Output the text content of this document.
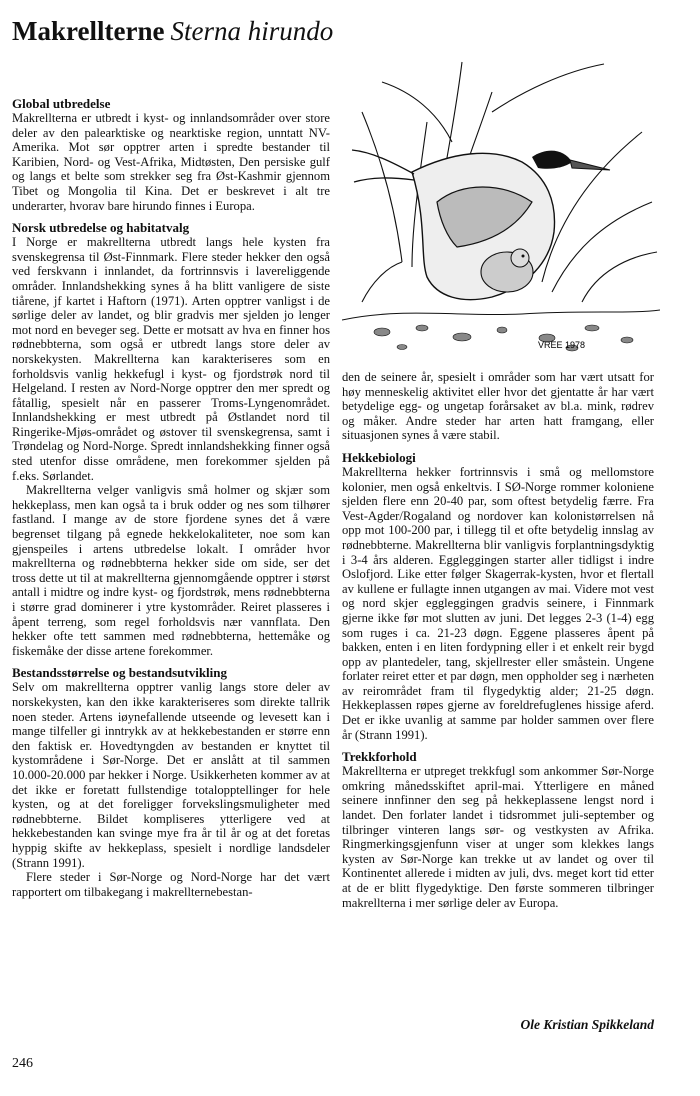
Makrellterne Sterna hirundo
VREE 1978
Global utbredelse

Makrellterna er utbredt i kyst- og innlandsområder over store deler av den palearktiske og nearktiske region, unntatt NV-Amerika. Mot sør opptrer arten i spredte bestander til Karibien, Nord- og Vest-Afrika, Midtøsten, Den persiske gulf og langs et belte som strekker seg fra Øst-Kashmir gjennom Tibet og Mongolia til Kina. Det er beskrevet i alt tre underarter, hvorav bare hirundo finnes i Europa.

Norsk utbredelse og habitatvalg

I Norge er makrellterna utbredt langs hele kysten fra svenskegrensa til Øst-Finnmark. Flere steder hekker den også ved ferskvann i innlandet, da fortrinnsvis i lavereliggende områder. Innlandshekking synes å ha blitt vanligere de siste tiårene, jf kartet i Haftorn (1971). Arten opptrer vanligst i de sørlige deler av landet, og blir gradvis mer sjelden jo lenger mot nord en beveger seg. Dette er motsatt av hva en finner hos rødnebbterna, som også er utbredt langs store deler av norskekysten. Makrellterna kan karakteriseres som en forholdsvis vanlig hekkefugl i kyst- og fjordstrøk nord til Helgeland. I resten av Nord-Norge opptrer den mer spredt og fåtallig, spesielt når en passerer Troms-Lyngenområdet. Innlandshekking er mest utbredt på Østlandet nord til Ringerike-Mjøs-området og østover til svenskegrensa, samt i Trøndelag og Nord-Norge. Spredt innlandshekking finner også sted utenfor disse områdene, men forekommer sjelden på f.eks. Sørlandet.

Makrellterna velger vanligvis små holmer og skjær som hekkeplass, men kan også ta i bruk odder og nes som tilhører fastland. I mange av de store fjordene synes det å være begrenset tilgang på egnede hekkelokaliteter, noe som kan gjenspeiles i artens utbredelse lokalt. I områder hvor makrellterna og rødnebbterna hekker side om side, ser det tross dette ut til at makrellterna gjennomgående opptrer i størst antall i midtre og indre kyst- og fjordstrøk, mens rødnebbterna i større grad dominerer i ytre kystområder. Reiret plasseres i åpent terreng, som regel forholdsvis nær vannflata. Den hekker ofte tett sammen med rødnebbterna, hettemåke og fiskemåke der disse artene forekommer.

Bestandsstørrelse og bestandsutvikling

Selv om makrellterna opptrer vanlig langs store deler av norskekysten, kan den ikke karakteriseres som direkte tallrik noen steder. Artens iøynefallende utseende og levesett kan i mange tilfeller gi inntrykk av at hekkebestanden er større enn den faktisk er. Hovedtyngden av bestanden er knyttet til kystområdene i Sør-Norge. Det er anslått at til sammen 10.000-20.000 par hekker i Norge. Usikkerheten kommer av at det ikke er foretatt fullstendige totalopptellinger for hele kysten, og at det foreligger forvekslingsmuligheter med rødnebbterne. Bildet kompliseres ytterligere ved at hekkebestanden kan svinge mye fra år til år og at det foretas hyppig skifte av hekkeplass, spesielt i nordlige landsdeler (Strann 1991).

Flere steder i Sør-Norge og Nord-Norge har det vært rapportert om tilbakegang i makrellternebestan-

den de seinere år, spesielt i områder som har vært utsatt for høy menneskelig aktivitet eller hvor det gjentatte år har vært betydelige egg- og ungetap forårsaket av bl.a. mink, rødrev og måker. Andre steder har arten hatt framgang, eller situasjonen synes å være stabil.

Hekkebiologi

Makrellterna hekker fortrinnsvis i små og mellomstore kolonier, men også enkeltvis. I SØ-Norge rommer koloniene sjelden flere enn 20-40 par, som oftest betydelig færre. Fra Vest-Agder/Rogaland og nordover kan kolonistørrelsen nå opp mot 100-200 par, i tillegg til et ofte betydelig innslag av rødnebbterne. Makrellterna blir vanligvis forplantningsdyktig i 3-4 års alderen. Eggleggingen starter aller tidligst i indre Oslofjord. Like etter følger Skagerrak-kysten, hvor et flertall av kullene er fullagte innen utgangen av mai. Videre mot vest og nord skjer eggleggingen gradvis seinere, i Finnmark gjerne ikke før mot slutten av juni. Det legges 2-3 (1-4) egg som ruges i ca. 21-23 døgn. Eggene plasseres åpent på bakken, enten i en liten fordypning eller i et enkelt reir bygd opp av plantedeler, tang, skjellrester eller småstein. Ungene forlater reiret etter et par døgn, men oppholder seg i nærheten av reirområdet fram til flygedyktig alder; 21-25 døgn. Hekkeplassen røpes gjerne av foreldrefuglenes hissige aferd. Det er ikke uvanlig at samme par holder sammen over flere år (Strann 1991).

Trekkforhold

Makrellterna er utpreget trekkfugl som ankommer Sør-Norge omkring månedsskiftet april-mai. Ytterligere en måned seinere innfinner den seg på hekkeplassene lengst nord i landet. Den forlater landet i tidsrommet juli-september og tilbringer vinteren langs sør- og vestkysten av Afrika. Ringmerkingsgjenfunn viser at unger som klekkes langs kysten av Sør-Norge kan trekke ut av landet og over til Kontinentet allerede i midten av juli, dvs. meget kort tid etter at de er blitt flygedyktige. Den første sommeren tilbringer makrellterna i mer sørlige deler av Europa.

Ole Kristian Spikkeland
246
